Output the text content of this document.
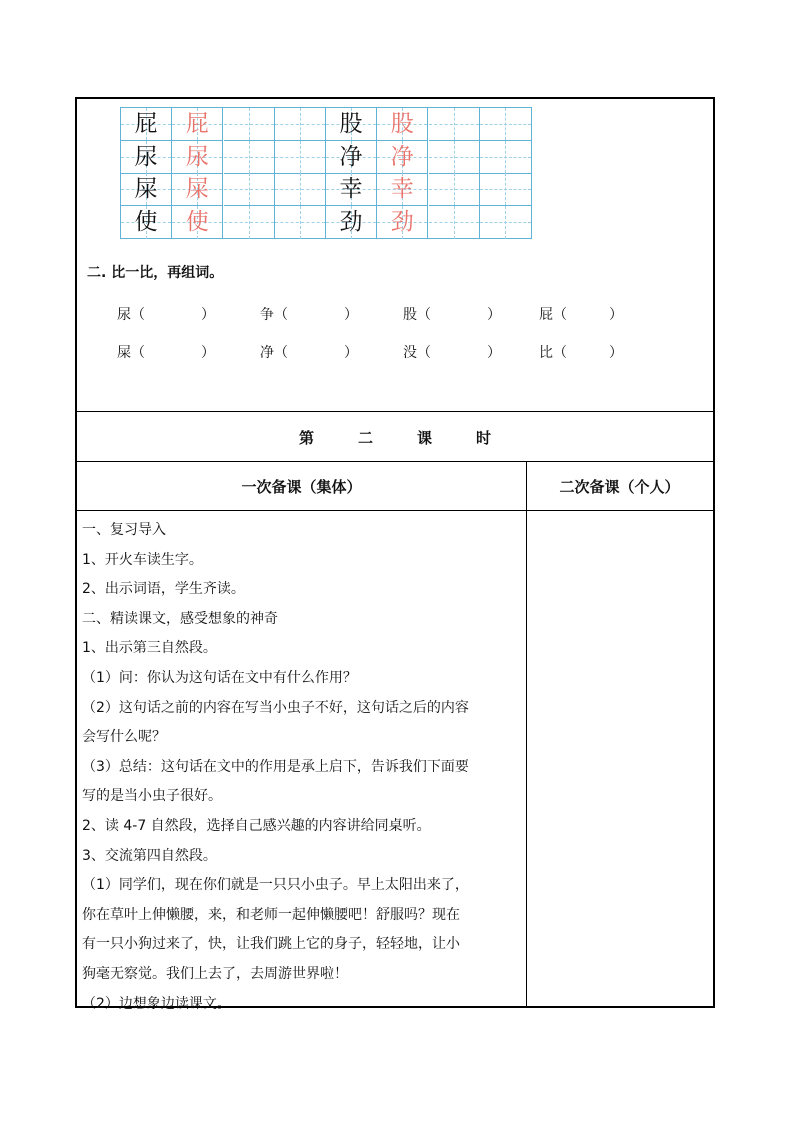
屁	屁	股	股
尿	尿	净	净
屎	屎	幸	幸
使	使	劲	劲
二. 比一比，再组词。
尿（　　　　）	争（　　　　）	股（　　　　）	屁（　　　）
屎（　　　　）	净（　　　　）	没（　　　　）	比（　　　）
第	二	课	时
一次备课（集体）	二次备课（个人）
一、复习导入
1、开火车读生字。
2、出示词语，学生齐读。
二、精读课文，感受想象的神奇
1、出示第三自然段。
（1）问：你认为这句话在文中有什么作用？
（2）这句话之前的内容在写当小虫子不好，这句话之后的内容
会写什么呢？
（3）总结：这句话在文中的作用是承上启下，告诉我们下面要
写的是当小虫子很好。
2、读 4-7 自然段，选择自己感兴趣的内容讲给同桌听。
3、交流第四自然段。
（1）同学们，现在你们就是一只只小虫子。早上太阳出来了，
你在草叶上伸懒腰，来，和老师一起伸懒腰吧！舒服吗？现在
有一只小狗过来了，快，让我们跳上它的身子，轻轻地，让小
狗毫无察觉。我们上去了，去周游世界啦！
（2）边想象边读课文。
